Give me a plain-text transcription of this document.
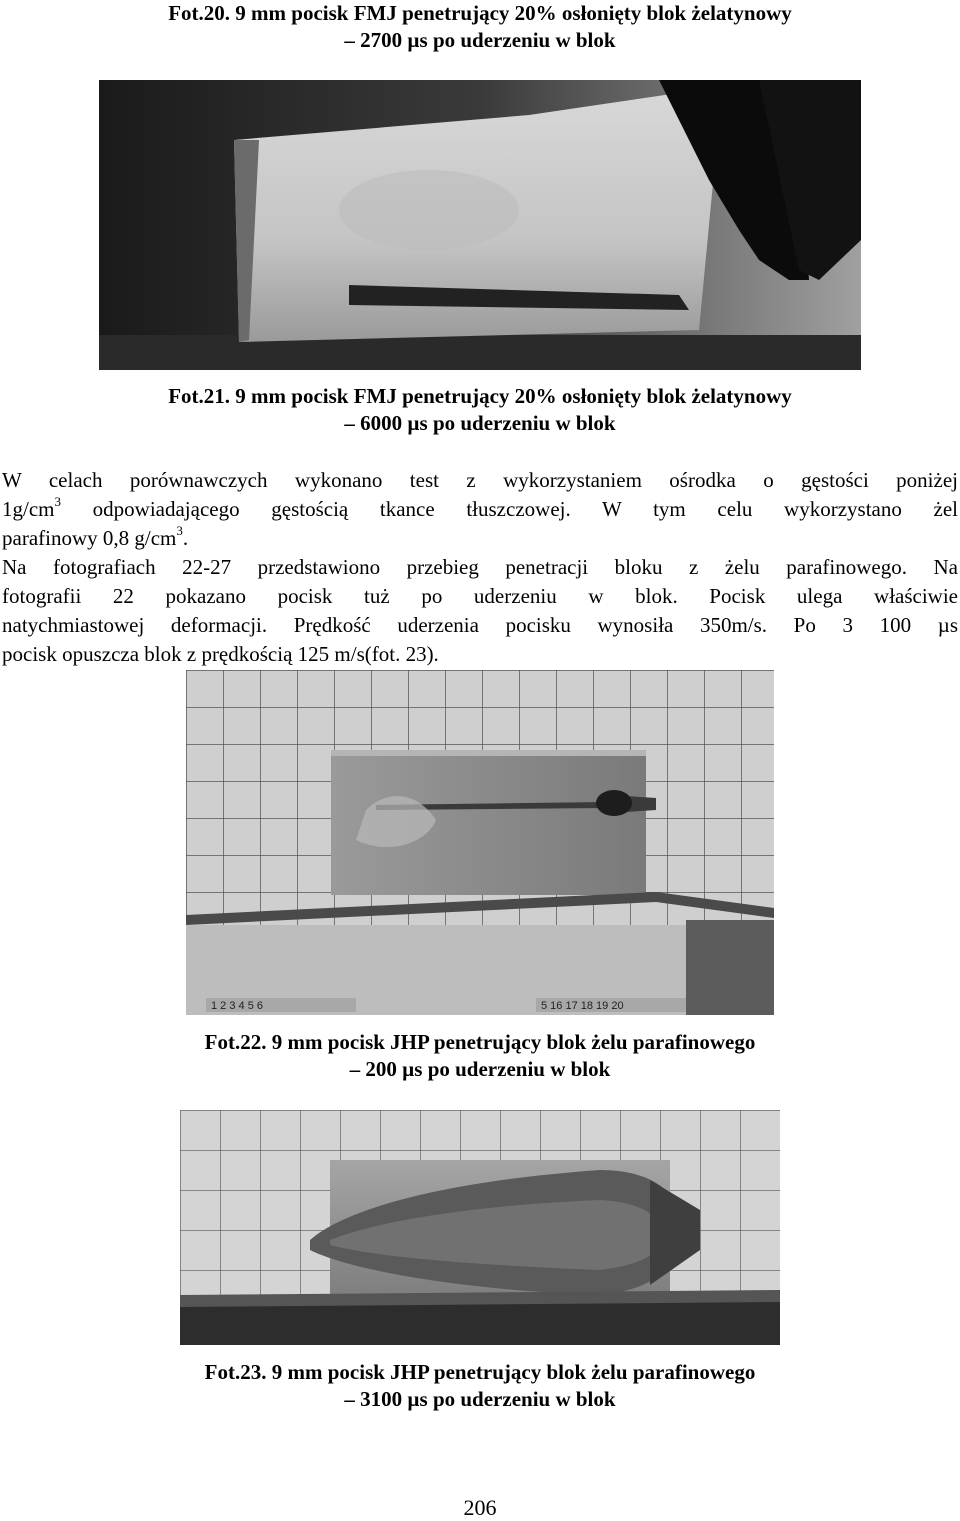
Fot.20. 9 mm pocisk FMJ penetrujący 20% osłonięty blok żelatynowy
– 2700 µs po uderzeniu w blok
Fot.21. 9 mm pocisk FMJ penetrujący 20% osłonięty blok żelatynowy
– 6000 µs po uderzeniu w blok
W celach porównawczych wykonano test z wykorzystaniem ośrodka o gęstości poniżej
$1g/cm^3$ odpowiadającego gęstością tkance tłuszczowej. W tym celu wykorzystano żel
parafinowy 0,8 $g/cm^3$.
Na fotografiach 22-27 przedstawiono przebieg penetracji bloku z żelu parafinowego. Na
fotografii 22 pokazano pocisk tuż po uderzeniu w blok. Pocisk ulega właściwie
natychmiastowej deformacji. Prędkość uderzenia pocisku wynosiła 350m/s. Po 3 100 µs
pocisk opuszcza blok z prędkością 125 m/s(fot. 23).
1 2 3 4 5 6	5 16 17 18 19 20
Fot.22. 9 mm pocisk JHP penetrujący blok żelu parafinowego
– 200 µs po uderzeniu w blok
Fot.23. 9 mm pocisk JHP penetrujący blok żelu parafinowego
– 3100 µs po uderzeniu w blok
206
